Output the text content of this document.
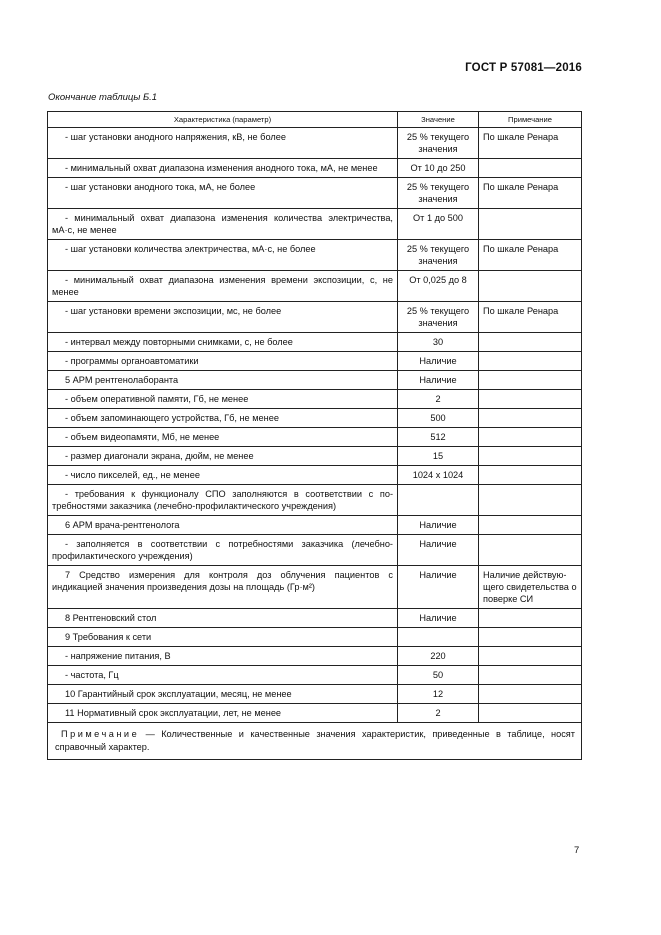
ГОСТ Р 57081—2016
Окончание таблицы Б.1
Характеристика (параметр)	Значение	Примечание
- шаг установки анодного напряжения, кВ, не более	25 % текущего значения	По шкале Ренара
- минимальный охват диапазона изменения анодного тока, мА, не менее	От 10 до 250	
- шаг установки анодного тока, мА, не более	25 % текущего значения	По шкале Ренара
- минимальный охват диапазона изменения количества электричества, мА·с, не менее	От 1 до 500	
- шаг установки количества электричества, мА·с, не более	25 % текущего значения	По шкале Ренара
- минимальный охват диапазона изменения времени экспозиции, с, не менее	От 0,025 до 8	
- шаг установки времени экспозиции, мс, не более	25 % текущего значения	По шкале Ренара
- интервал между повторными снимками, с, не более	30	
- программы органоавтоматики	Наличие	
5 АРМ рентгенолаборанта	Наличие	
- объем оперативной памяти, Гб, не менее	2	
- объем запоминающего устройства, Гб, не менее	500	
- объем видеопамяти, Мб, не менее	512	
- размер диагонали экрана, дюйм, не менее	15	
- число пикселей, ед., не менее	1024 x 1024	
- требования к функционалу СПО заполняются в соответствии с потребностями заказчика (лечебно-профилактического учреждения)		
6 АРМ врача-рентгенолога	Наличие	
- заполняется в соответствии с потребностями заказчика (лечебно-профилактического учреждения)	Наличие	
7 Средство измерения для контроля доз облучения пациентов с индикацией значения произведения дозы на площадь (Гр·м²)	Наличие	Наличие действующего свидетельства о поверке СИ
8 Рентгеновский стол	Наличие	
9 Требования к сети		
- напряжение питания, В	220	
- частота, Гц	50	
10 Гарантийный срок эксплуатации, месяц, не менее	12	
11 Нормативный срок эксплуатации, лет, не менее	2	
Примечание — Количественные и качественные значения характеристик, приведенные в таблице, носят справочный характер.		
7
